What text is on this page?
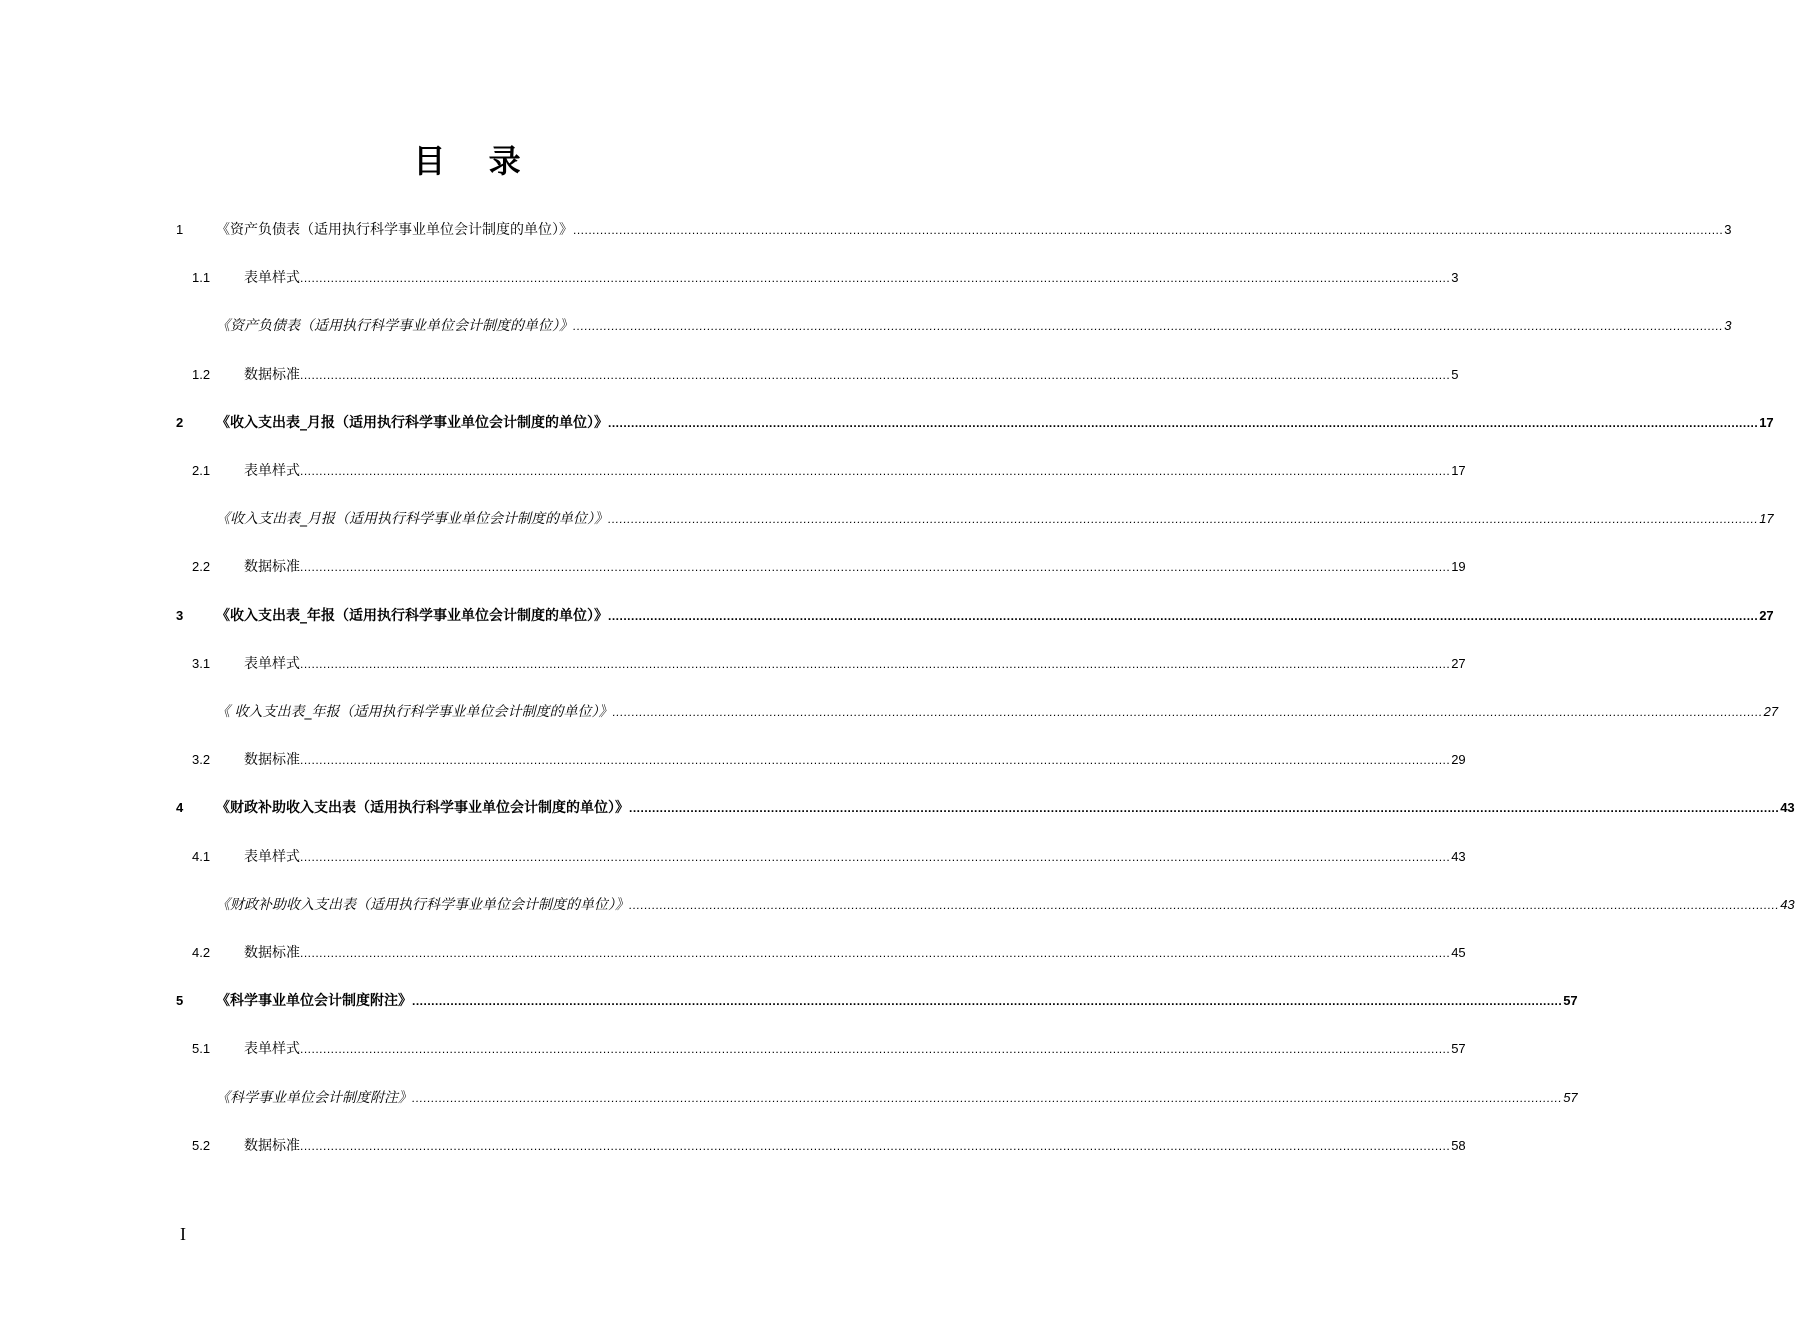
目 录
1	《资产负债表（适用执行科学事业单位会计制度的单位）》 ............................................................................................................................................................................................................................................................................................................ 3
1.1	表单样式 ............................................................................................................................................................................................................................................................................................................ 3
《资产负债表（适用执行科学事业单位会计制度的单位）》 ............................................................................................................................................................................................................................................................................................................ 3
1.2	数据标准 ............................................................................................................................................................................................................................................................................................................ 5
2	《收入支出表_月报（适用执行科学事业单位会计制度的单位）》 ............................................................................................................................................................................................................................................................................................................ 17
2.1	表单样式 ............................................................................................................................................................................................................................................................................................................ 17
《收入支出表_月报（适用执行科学事业单位会计制度的单位）》 ............................................................................................................................................................................................................................................................................................................ 17
2.2	数据标准 ............................................................................................................................................................................................................................................................................................................ 19
3	《收入支出表_年报（适用执行科学事业单位会计制度的单位）》 ............................................................................................................................................................................................................................................................................................................ 27
3.1	表单样式 ............................................................................................................................................................................................................................................................................................................ 27
《 收入支出表_年报（适用执行科学事业单位会计制度的单位）》 ............................................................................................................................................................................................................................................................................................................ 27
3.2	数据标准 ............................................................................................................................................................................................................................................................................................................ 29
4	《财政补助收入支出表（适用执行科学事业单位会计制度的单位）》 ............................................................................................................................................................................................................................................................................................................ 43
4.1	表单样式 ............................................................................................................................................................................................................................................................................................................ 43
《财政补助收入支出表（适用执行科学事业单位会计制度的单位）》 ............................................................................................................................................................................................................................................................................................................ 43
4.2	数据标准 ............................................................................................................................................................................................................................................................................................................ 45
5	《科学事业单位会计制度附注》 ............................................................................................................................................................................................................................................................................................................ 57
5.1	表单样式 ............................................................................................................................................................................................................................................................................................................ 57
《科学事业单位会计制度附注》 ............................................................................................................................................................................................................................................................................................................ 57
5.2	数据标准 ............................................................................................................................................................................................................................................................................................................ 58
I
